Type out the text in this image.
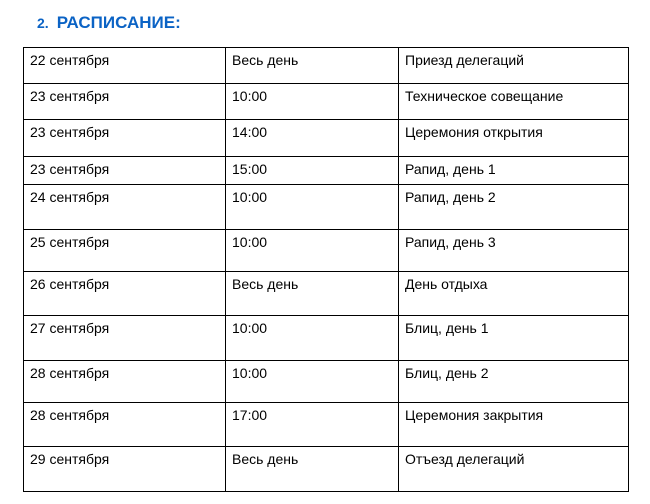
2. РАСПИСАНИЕ:
22 сентября	Весь день	Приезд делегаций
23 сентября	10:00	Техническое совещание
23 сентября	14:00	Церемония открытия
23 сентября	15:00	Рапид, день 1
24 сентября	10:00	Рапид, день 2
25 сентября	10:00	Рапид, день 3
26 сентября	Весь день	День отдыха
27 сентября	10:00	Блиц, день 1
28 сентября	10:00	Блиц, день 2
28 сентября	17:00	Церемония закрытия
29 сентября	Весь день	Отъезд делегаций
